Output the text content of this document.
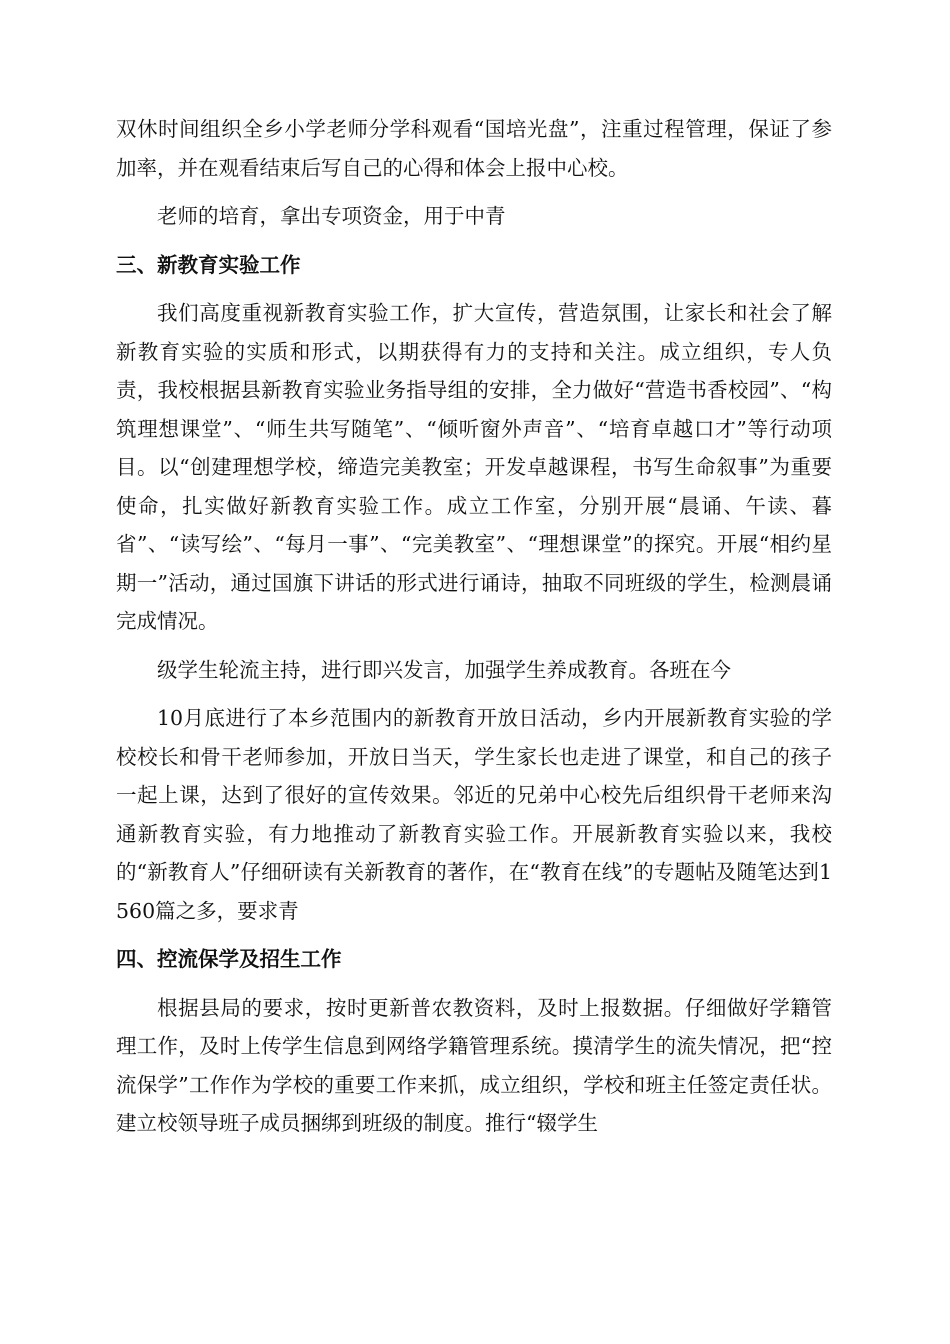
双休时间组织全乡小学老师分学科观看“国培光盘”，注重过程管理，保证了参加率，并在观看结束后写自己的心得和体会上报中心校。

老师的培育，拿出专项资金，用于中青

三、新教育实验工作

我们高度重视新教育实验工作，扩大宣传，营造氛围，让家长和社会了解新教育实验的实质和形式，以期获得有力的支持和关注。成立组织，专人负责，我校根据县新教育实验业务指导组的安排，全力做好“营造书香校园”、“构筑理想课堂”、“师生共写随笔”、“倾听窗外声音”、“培育卓越口才”等行动项目。以“创建理想学校，缔造完美教室；开发卓越课程，书写生命叙事”为重要使命，扎实做好新教育实验工作。成立工作室，分别开展“晨诵、午读、暮省”、“读写绘”、“每月一事”、“完美教室”、“理想课堂”的探究。开展“相约星期一”活动，通过国旗下讲话的形式进行诵诗，抽取不同班级的学生，检测晨诵完成情况。

级学生轮流主持，进行即兴发言，加强学生养成教育。各班在今

10月底进行了本乡范围内的新教育开放日活动，乡内开展新教育实验的学校校长和骨干老师参加，开放日当天，学生家长也走进了课堂，和自己的孩子一起上课，达到了很好的宣传效果。邻近的兄弟中心校先后组织骨干老师来沟通新教育实验，有力地推动了新教育实验工作。开展新教育实验以来，我校的“新教育人”仔细研读有关新教育的著作，在“教育在线”的专题帖及随笔达到1560篇之多，要求青

四、控流保学及招生工作

根据县局的要求，按时更新普农教资料，及时上报数据。仔细做好学籍管理工作，及时上传学生信息到网络学籍管理系统。摸清学生的流失情况，把“控流保学”工作作为学校的重要工作来抓，成立组织，学校和班主任签定责任状。建立校领导班子成员捆绑到班级的制度。推行“辍学生
